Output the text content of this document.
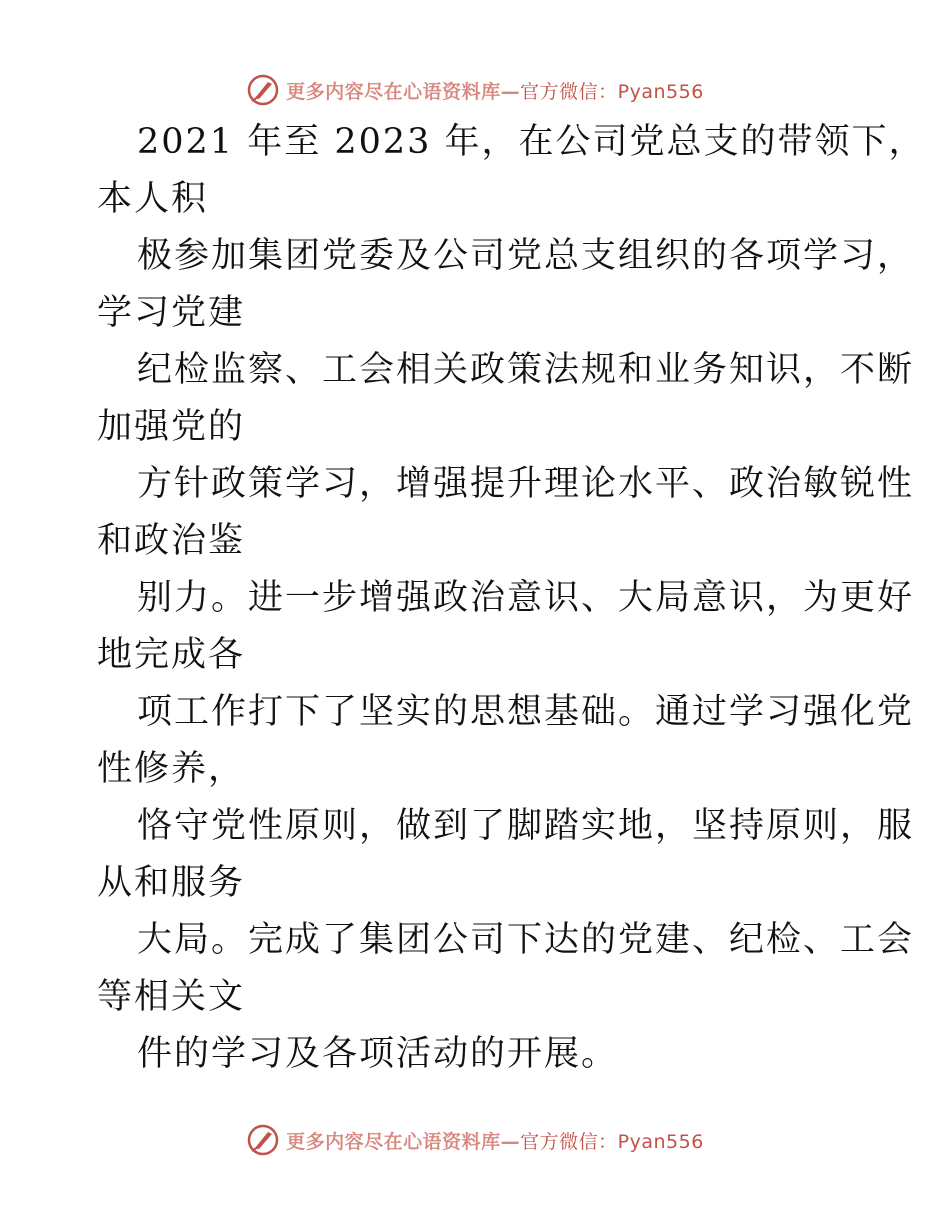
更多内容尽在心语资料库—官方微信：Pyan556
2021 年至 2023 年，在公司党总支的带领下，
本人积
极参加集团党委及公司党总支组织的各项学习，
学习党建
纪检监察、工会相关政策法规和业务知识，不断
加强党的
方针政策学习，增强提升理论水平、政治敏锐性
和政治鉴
别力。进一步增强政治意识、大局意识，为更好
地完成各
项工作打下了坚实的思想基础。通过学习强化党
性修养，
恪守党性原则，做到了脚踏实地，坚持原则，服
从和服务
大局。完成了集团公司下达的党建、纪检、工会
等相关文
件的学习及各项活动的开展。
更多内容尽在心语资料库—官方微信：Pyan556
